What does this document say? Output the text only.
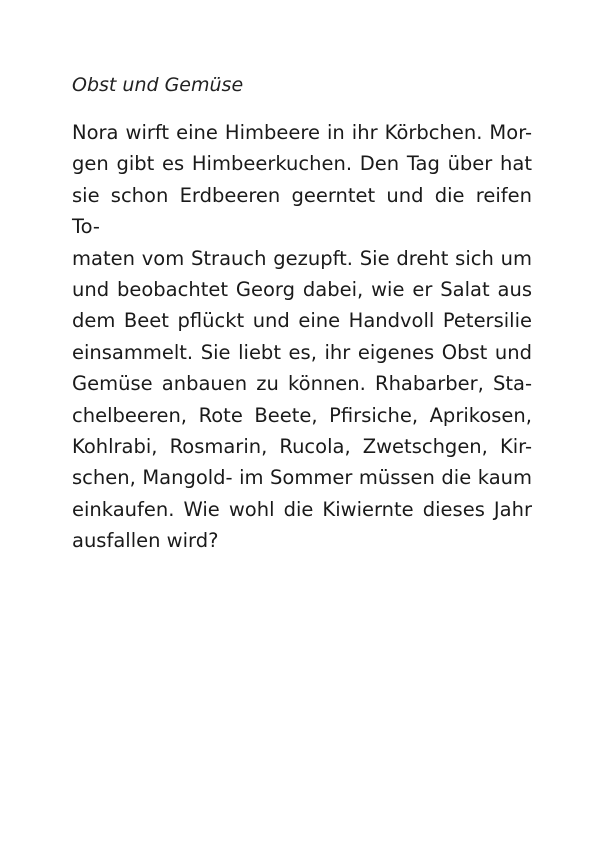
Obst und Gemüse
Nora wirft eine Himbeere in ihr Körbchen. Mor-
gen gibt es Himbeerkuchen. Den Tag über hat
sie schon Erdbeeren geerntet und die reifen To-
maten vom Strauch gezupft. Sie dreht sich um
und beobachtet Georg dabei, wie er Salat aus
dem Beet pflückt und eine Handvoll Petersilie
einsammelt. Sie liebt es, ihr eigenes Obst und
Gemüse anbauen zu können. Rhabarber, Sta-
chelbeeren, Rote Beete, Pfirsiche, Aprikosen,
Kohlrabi, Rosmarin, Rucola, Zwetschgen, Kir-
schen, Mangold- im Sommer müssen die kaum
einkaufen. Wie wohl die Kiwiernte dieses Jahr
ausfallen wird?
